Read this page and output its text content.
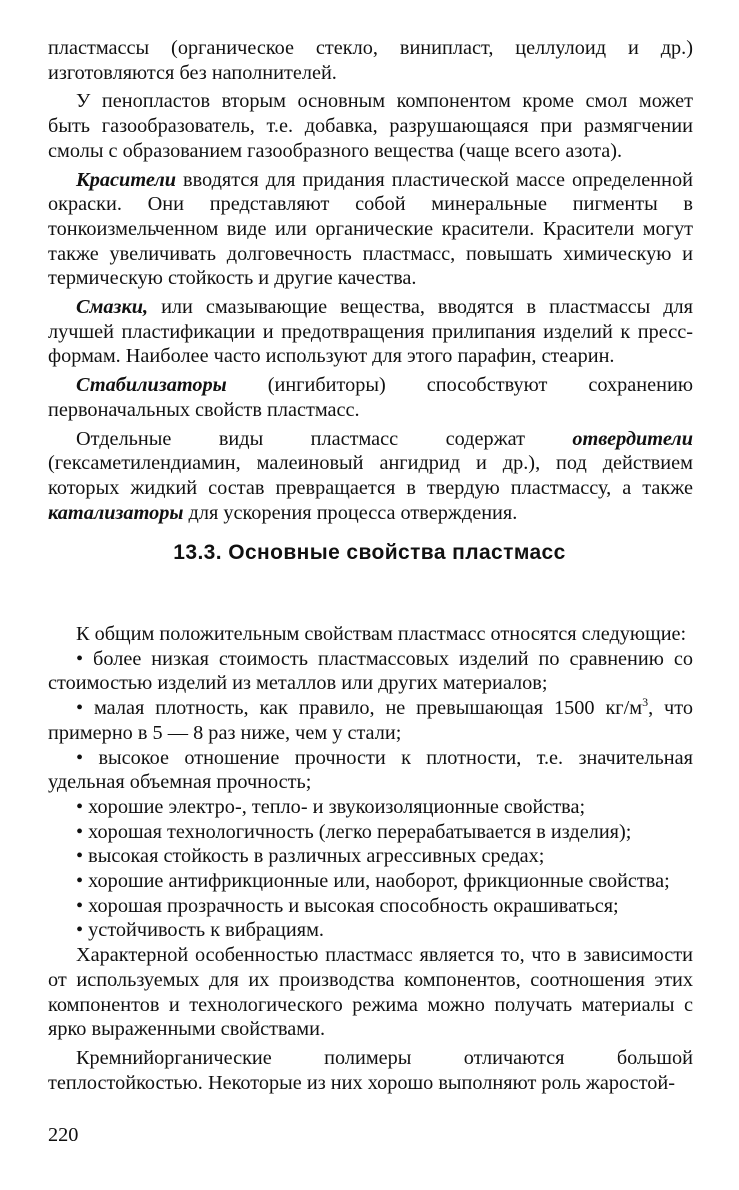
пластмассы (органическое стекло, винипласт, целлулоид и др.) изготовляются без наполнителей.

У пенопластов вторым основным компонентом кроме смол может быть газообразователь, т.е. добавка, разрушающаяся при размягчении смолы с образованием газообразного вещества (чаще всего азота).

Красители вводятся для придания пластической массе определенной окраски. Они представляют собой минеральные пигменты в тонкоизмельченном виде или органические красители. Красители могут также увеличивать долговечность пластмасс, повышать химическую и термическую стойкость и другие качества.

Смазки, или смазывающие вещества, вводятся в пластмассы для лучшей пластификации и предотвращения прилипания изделий к пресс-формам. Наиболее часто используют для этого парафин, стеарин.

Стабилизаторы (ингибиторы) способствуют сохранению первоначальных свойств пластмасс.

Отдельные виды пластмасс содержат отвердители (гексаметилендиамин, малеиновый ангидрид и др.), под действием которых жидкий состав превращается в твердую пластмассу, а также катализаторы для ускорения процесса отверждения.

13.3. Основные свойства пластмасс

К общим положительным свойствам пластмасс относятся следующие:

• более низкая стоимость пластмассовых изделий по сравнению со стоимостью изделий из металлов или других материалов;

• малая плотность, как правило, не превышающая 1500 $кг/м^3$, что примерно в 5 — 8 раз ниже, чем у стали;

• высокое отношение прочности к плотности, т.е. значительная удельная объемная прочность;

• хорошие электро-, тепло- и звукоизоляционные свойства;

• хорошая технологичность (легко перерабатывается в изделия);

• высокая стойкость в различных агрессивных средах;

• хорошие антифрикционные или, наоборот, фрикционные свойства;

• хорошая прозрачность и высокая способность окрашиваться;

• устойчивость к вибрациям.

Характерной особенностью пластмасс является то, что в зависимости от используемых для их производства компонентов, соотношения этих компонентов и технологического режима можно получать материалы с ярко выраженными свойствами.

Кремнийорганические полимеры отличаются большой теплостойкостью. Некоторые из них хорошо выполняют роль жаростой-

220
